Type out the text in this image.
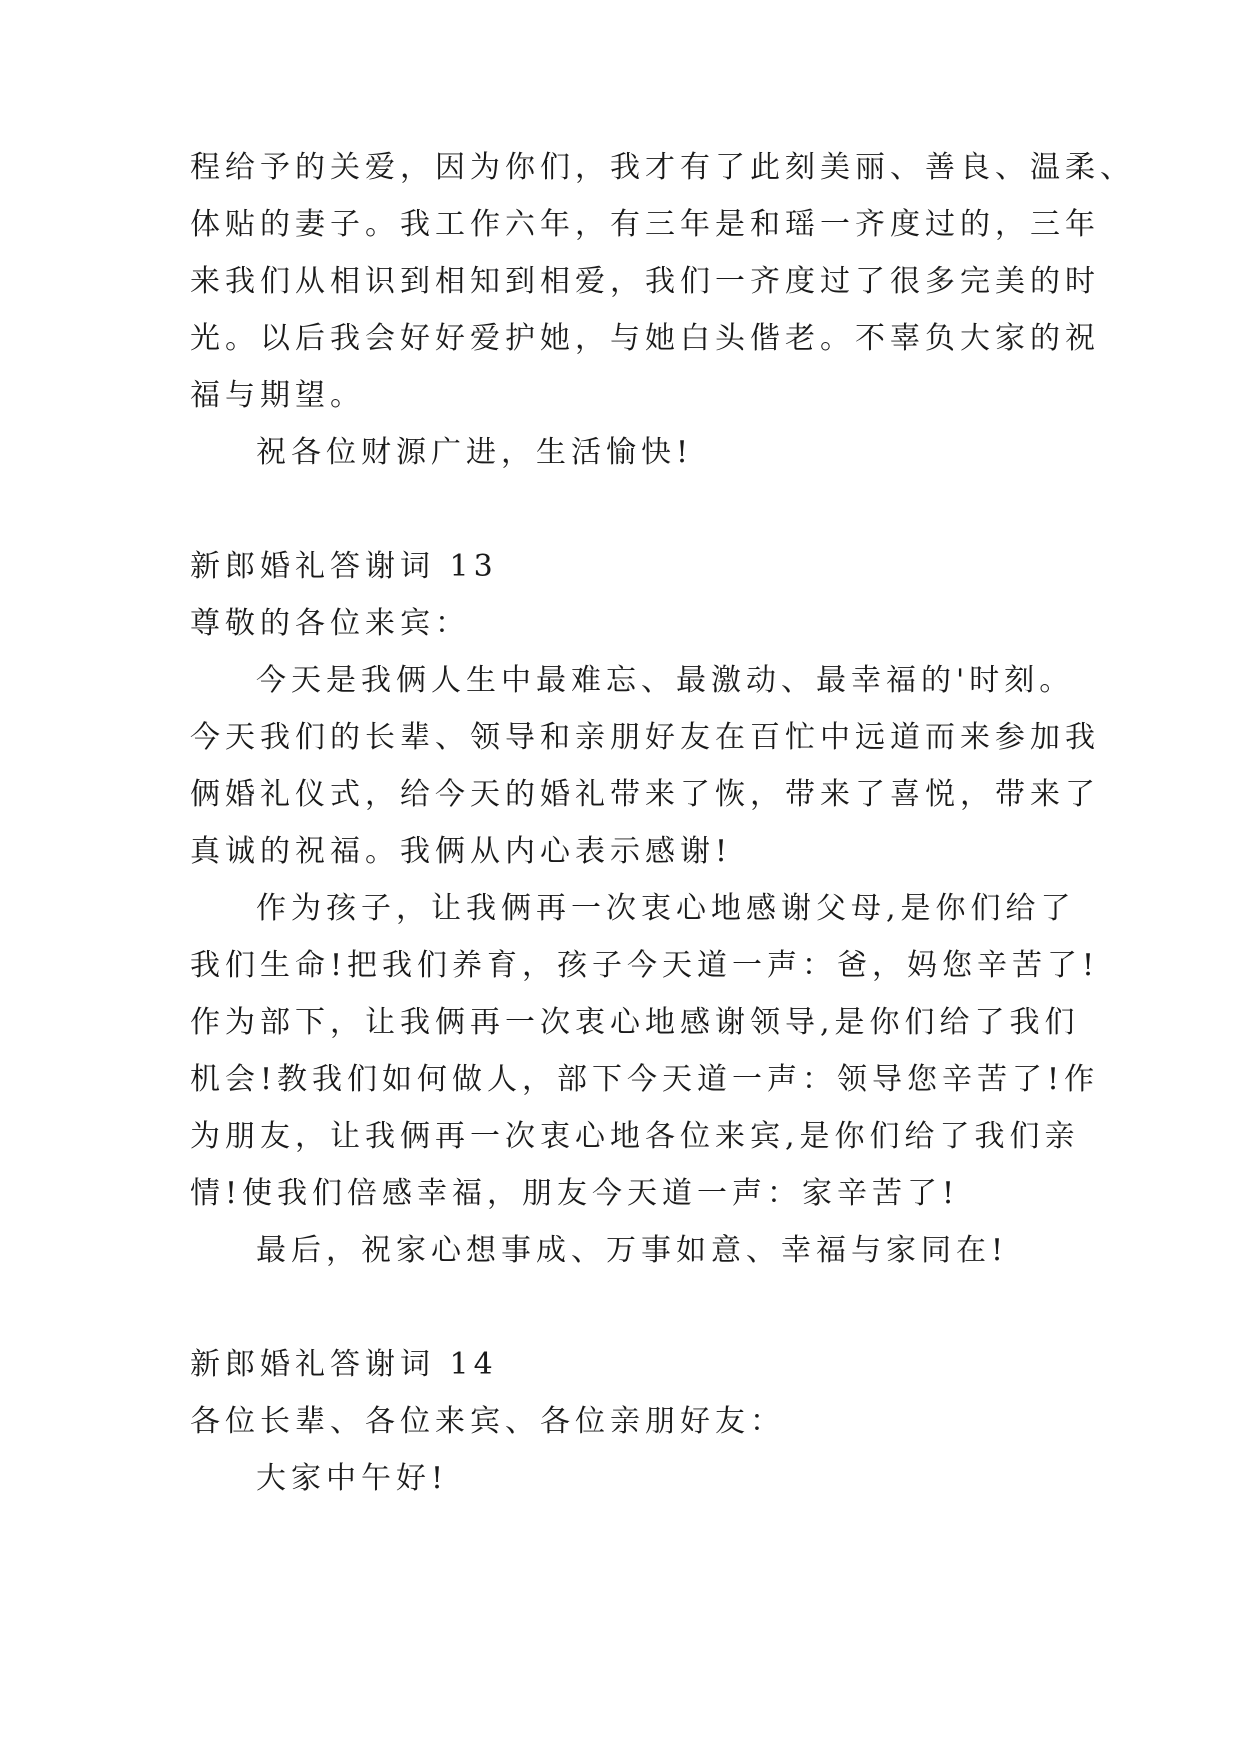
程给予的关爱，因为你们，我才有了此刻美丽、善良、温柔、
体贴的妻子。我工作六年，有三年是和瑶一齐度过的，三年
来我们从相识到相知到相爱，我们一齐度过了很多完美的时
光。以后我会好好爱护她，与她白头偕老。不辜负大家的祝
福与期望。
祝各位财源广进，生活愉快!
新郎婚礼答谢词 13
尊敬的各位来宾：
今天是我俩人生中最难忘、最激动、最幸福的'时刻。
今天我们的长辈、领导和亲朋好友在百忙中远道而来参加我
俩婚礼仪式，给今天的婚礼带来了恢，带来了喜悦，带来了
真诚的祝福。我俩从内心表示感谢!
作为孩子，让我俩再一次衷心地感谢父母,是你们给了
我们生命!把我们养育，孩子今天道一声：爸，妈您辛苦了!
作为部下，让我俩再一次衷心地感谢领导,是你们给了我们
机会!教我们如何做人，部下今天道一声：领导您辛苦了!作
为朋友，让我俩再一次衷心地各位来宾,是你们给了我们亲
情!使我们倍感幸福，朋友今天道一声：家辛苦了!
最后，祝家心想事成、万事如意、幸福与家同在!
新郎婚礼答谢词 14
各位长辈、各位来宾、各位亲朋好友：
大家中午好!
